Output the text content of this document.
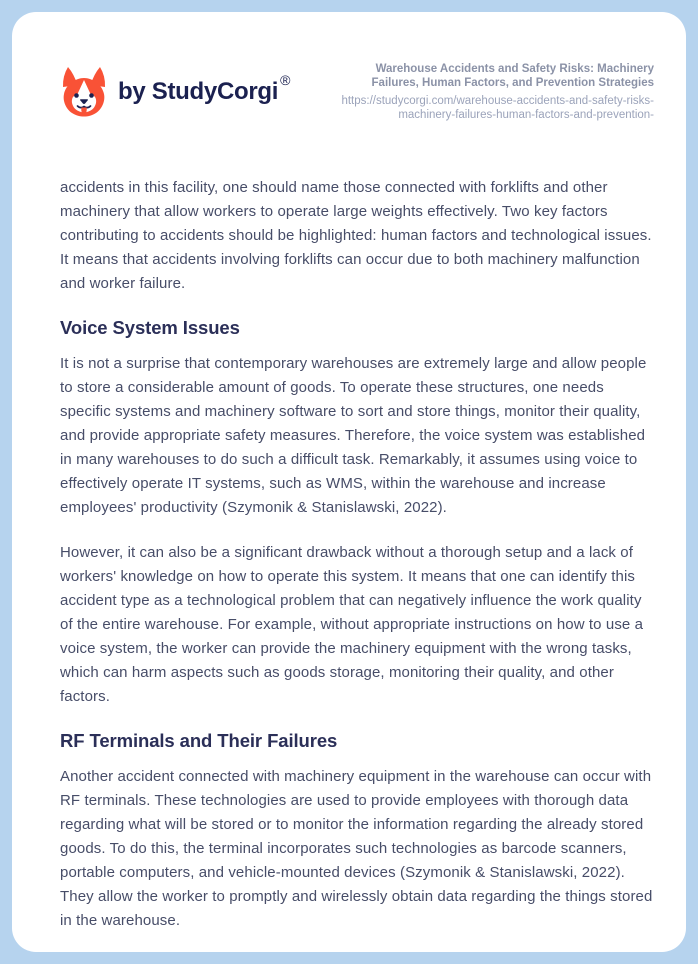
by StudyCorgi ®
Warehouse Accidents and Safety Risks: Machinery Failures, Human Factors, and Prevention Strategies
https://studycorgi.com/warehouse-accidents-and-safety-risks-machinery-failures-human-factors-and-prevention-

accidents in this facility, one should name those connected with forklifts and other machinery that allow workers to operate large weights effectively. Two key factors contributing to accidents should be highlighted: human factors and technological issues. It means that accidents involving forklifts can occur due to both machinery malfunction and worker failure.

Voice System Issues

It is not a surprise that contemporary warehouses are extremely large and allow people to store a considerable amount of goods. To operate these structures, one needs specific systems and machinery software to sort and store things, monitor their quality, and provide appropriate safety measures. Therefore, the voice system was established in many warehouses to do such a difficult task. Remarkably, it assumes using voice to effectively operate IT systems, such as WMS, within the warehouse and increase employees' productivity (Szymonik & Stanislawski, 2022).

However, it can also be a significant drawback without a thorough setup and a lack of workers' knowledge on how to operate this system. It means that one can identify this accident type as a technological problem that can negatively influence the work quality of the entire warehouse. For example, without appropriate instructions on how to use a voice system, the worker can provide the machinery equipment with the wrong tasks, which can harm aspects such as goods storage, monitoring their quality, and other factors.

RF Terminals and Their Failures

Another accident connected with machinery equipment in the warehouse can occur with RF terminals. These technologies are used to provide employees with thorough data regarding what will be stored or to monitor the information regarding the already stored goods. To do this, the terminal incorporates such technologies as barcode scanners, portable computers, and vehicle-mounted devices (Szymonik & Stanislawski, 2022). They allow the worker to promptly and wirelessly obtain data regarding the things stored in the warehouse.
